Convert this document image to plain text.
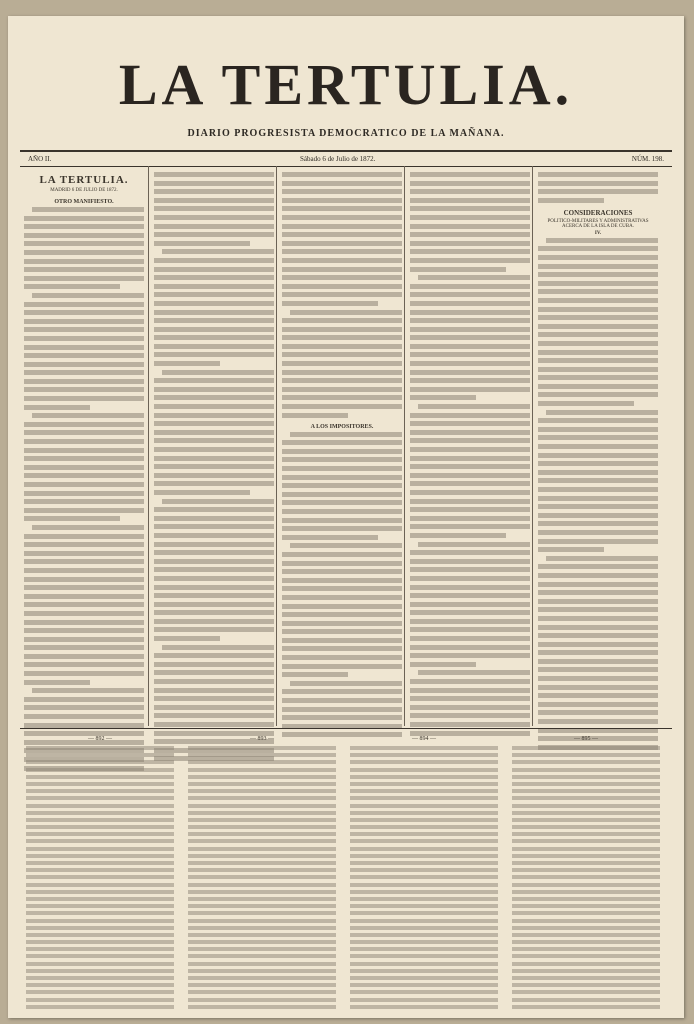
LA TERTULIA.
DIARIO PROGRESISTA DEMOCRATICO DE LA MAÑANA.
AÑO II.	Sábado 6 de Julio de 1872.	NÚM. 198.
LA TERTULIA.
MADRID 6 DE JULIO DE 1872.
OTRO MANIFIESTO.
A LOS IMPOSITORES.
CONSIDERACIONES
POLITICO-MILITARES Y ADMINISTRATIVAS ACERCA DE LA ISLA DE CUBA.
IV.
— 892 —	— 893 —	— 894 —	— 895 —
